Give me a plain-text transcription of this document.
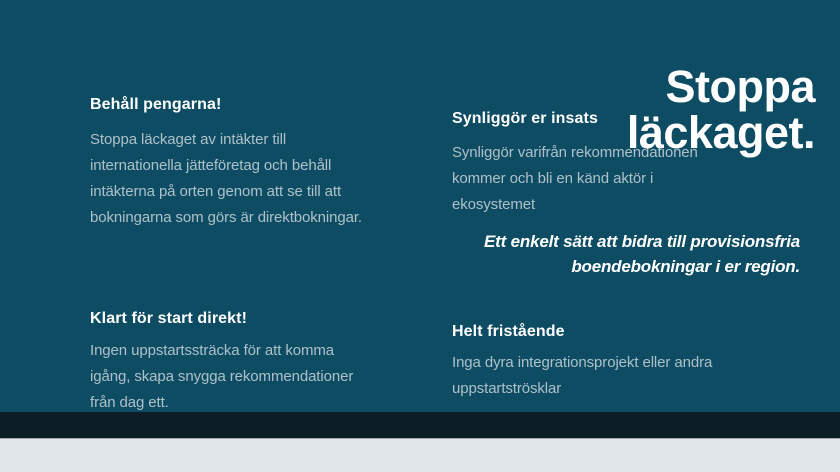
Behåll pengarna!
Stoppa läckaget av intäkter till
internationella jätteföretag och behåll
intäkterna på orten genom att se till att
bokningarna som görs är direktbokningar.
Synliggör er insats
Synliggör varifrån rekommendationen
kommer och bli en känd aktör i
ekosystemet
Klart för start direkt!
Ingen uppstartssträcka för att komma
igång, skapa snygga rekommendationer
från dag ett.
Helt fristående
Inga dyra integrationsprojekt eller andra
uppstartströsklar
Stoppa
läckaget.
Ett enkelt sätt att bidra till provisionsfria
boendebokningar i er region.
